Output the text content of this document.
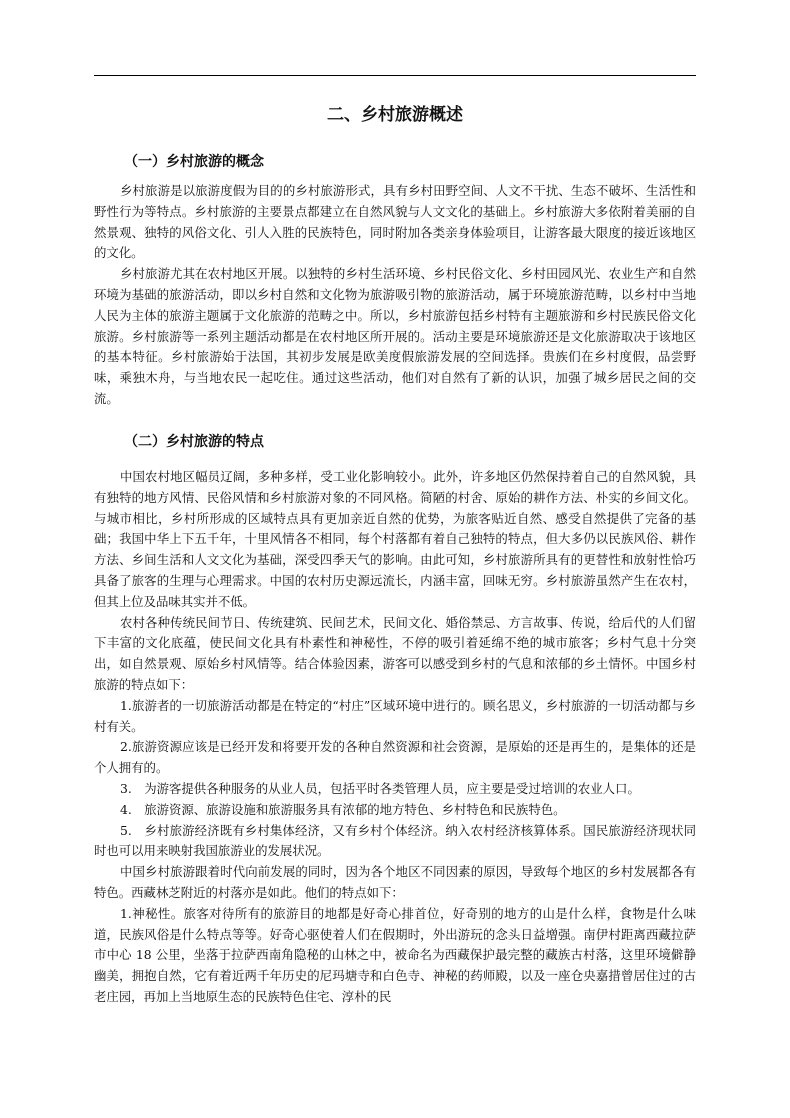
二、乡村旅游概述
（一）乡村旅游的概念

乡村旅游是以旅游度假为目的的乡村旅游形式，具有乡村田野空间、人文不干扰、生态不破坏、生活性和野性行为等特点。乡村旅游的主要景点都建立在自然风貌与人文文化的基础上。乡村旅游大多依附着美丽的自然景观、独特的风俗文化、引人入胜的民族特色，同时附加各类亲身体验项目，让游客最大限度的接近该地区的文化。

乡村旅游尤其在农村地区开展。以独特的乡村生活环境、乡村民俗文化、乡村田园风光、农业生产和自然环境为基础的旅游活动，即以乡村自然和文化物为旅游吸引物的旅游活动，属于环境旅游范畴，以乡村中当地人民为主体的旅游主题属于文化旅游的范畴之中。所以，乡村旅游包括乡村特有主题旅游和乡村民族民俗文化旅游。乡村旅游等一系列主题活动都是在农村地区所开展的。活动主要是环境旅游还是文化旅游取决于该地区的基本特征。乡村旅游始于法国，其初步发展是欧美度假旅游发展的空间选择。贵族们在乡村度假，品尝野味，乘独木舟，与当地农民一起吃住。通过这些活动，他们对自然有了新的认识，加强了城乡居民之间的交流。

（二）乡村旅游的特点

中国农村地区幅员辽阔，多种多样，受工业化影响较小。此外，许多地区仍然保持着自己的自然风貌，具有独特的地方风情、民俗风情和乡村旅游对象的不同风格。简陋的村舍、原始的耕作方法、朴实的乡间文化。与城市相比，乡村所形成的区域特点具有更加亲近自然的优势，为旅客贴近自然、感受自然提供了完备的基础；我国中华上下五千年，十里风情各不相同，每个村落都有着自己独特的特点，但大多仍以民族风俗、耕作方法、乡间生活和人文文化为基础，深受四季天气的影响。由此可知，乡村旅游所具有的更替性和放射性恰巧具备了旅客的生理与心理需求。中国的农村历史源远流长，内涵丰富，回味无穷。乡村旅游虽然产生在农村，但其上位及品味其实并不低。

农村各种传统民间节日、传统建筑、民间艺术，民间文化、婚俗禁忌、方言故事、传说，给后代的人们留下丰富的文化底蕴，使民间文化具有朴素性和神秘性，不停的吸引着延绵不绝的城市旅客；乡村气息十分突出，如自然景观、原始乡村风情等。结合体验因素，游客可以感受到乡村的气息和浓郁的乡土情怀。中国乡村旅游的特点如下：

1.旅游者的一切旅游活动都是在特定的“村庄”区域环境中进行的。顾名思义，乡村旅游的一切活动都与乡村有关。

2.旅游资源应该是已经开发和将要开发的各种自然资源和社会资源，是原始的还是再生的，是集体的还是个人拥有的。

3.　为游客提供各种服务的从业人员，包括平时各类管理人员，应主要是受过培训的农业人口。

4.　旅游资源、旅游设施和旅游服务具有浓郁的地方特色、乡村特色和民族特色。

5.　乡村旅游经济既有乡村集体经济，又有乡村个体经济。纳入农村经济核算体系。国民旅游经济现状同时也可以用来映射我国旅游业的发展状况。

中国乡村旅游跟着时代向前发展的同时，因为各个地区不同因素的原因，导致每个地区的乡村发展都各有特色。西藏林芝附近的村落亦是如此。他们的特点如下：

1.神秘性。旅客对待所有的旅游目的地都是好奇心排首位，好奇别的地方的山是什么样，食物是什么味道，民族风俗是什么特点等等。好奇心驱使着人们在假期时，外出游玩的念头日益增强。南伊村距离西藏拉萨市中心 18 公里，坐落于拉萨西南角隐秘的山林之中，被命名为西藏保护最完整的藏族古村落，这里环境僻静幽美，拥抱自然，它有着近两千年历史的尼玛塘寺和白色寺、神秘的药师殿，以及一座仓央嘉措曾居住过的古老庄园，再加上当地原生态的民族特色住宅、淳朴的民
